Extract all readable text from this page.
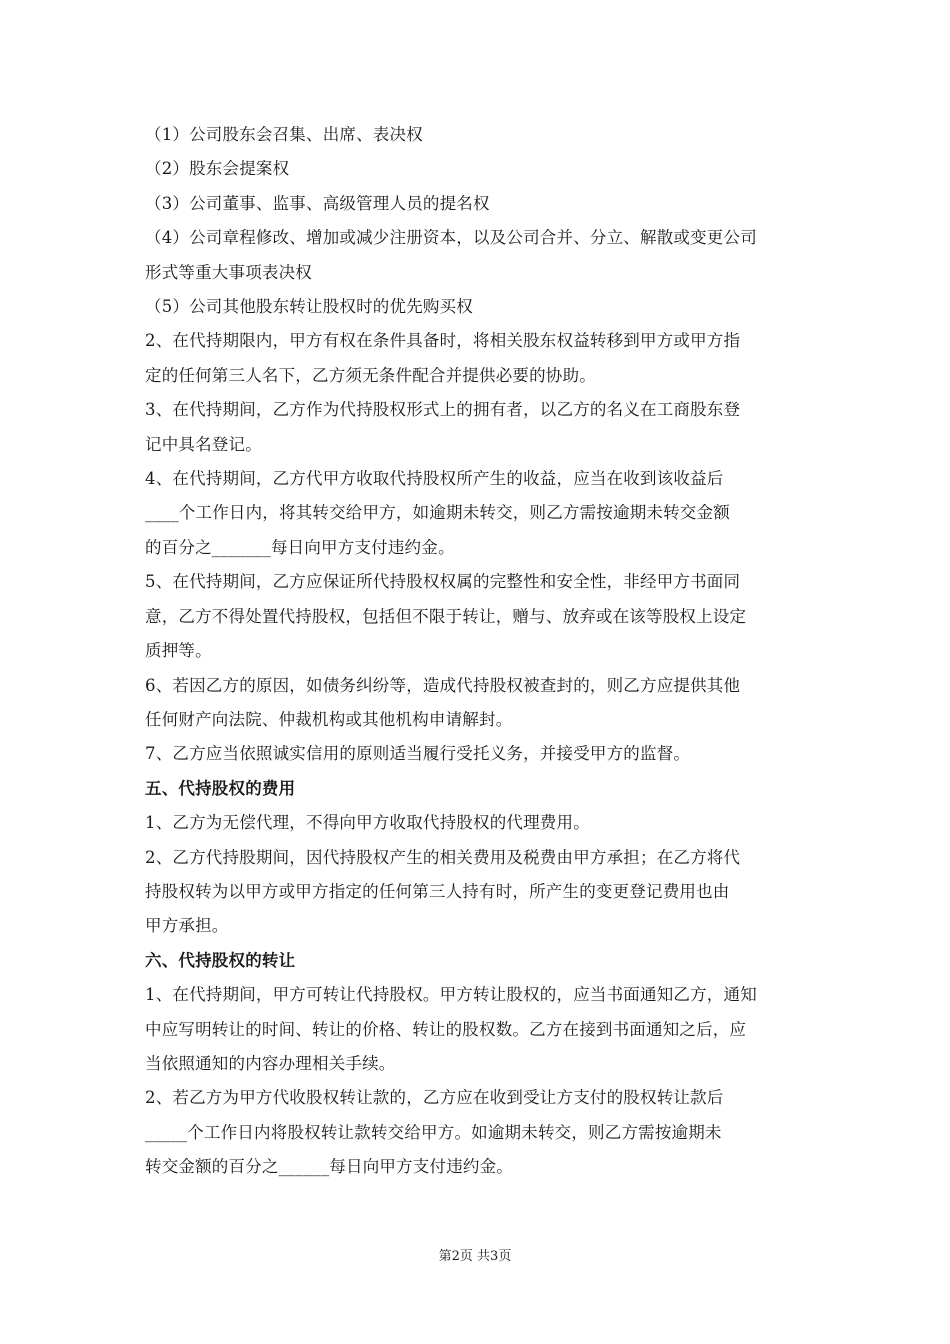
（1）公司股东会召集、出席、表决权
（2）股东会提案权
（3）公司董事、监事、高级管理人员的提名权
（4）公司章程修改、增加或减少注册资本，以及公司合并、分立、解散或变更公司
形式等重大事项表决权
（5）公司其他股东转让股权时的优先购买权
2、在代持期限内，甲方有权在条件具备时，将相关股东权益转移到甲方或甲方指
定的任何第三人名下，乙方须无条件配合并提供必要的协助。
3、在代持期间，乙方作为代持股权形式上的拥有者，以乙方的名义在工商股东登
记中具名登记。
4、在代持期间，乙方代甲方收取代持股权所产生的收益，应当在收到该收益后
____个工作日内，将其转交给甲方，如逾期未转交，则乙方需按逾期未转交金额
的百分之_______每日向甲方支付违约金。
5、在代持期间，乙方应保证所代持股权权属的完整性和安全性，非经甲方书面同
意，乙方不得处置代持股权，包括但不限于转让，赠与、放弃或在该等股权上设定
质押等。
6、若因乙方的原因，如债务纠纷等，造成代持股权被查封的，则乙方应提供其他
任何财产向法院、仲裁机构或其他机构申请解封。
7、乙方应当依照诚实信用的原则适当履行受托义务，并接受甲方的监督。
五、代持股权的费用
1、乙方为无偿代理，不得向甲方收取代持股权的代理费用。
2、乙方代持股期间，因代持股权产生的相关费用及税费由甲方承担；在乙方将代
持股权转为以甲方或甲方指定的任何第三人持有时，所产生的变更登记费用也由
甲方承担。
六、代持股权的转让
1、在代持期间，甲方可转让代持股权。甲方转让股权的，应当书面通知乙方，通知
中应写明转让的时间、转让的价格、转让的股权数。乙方在接到书面通知之后，应
当依照通知的内容办理相关手续。
2、若乙方为甲方代收股权转让款的，乙方应在收到受让方支付的股权转让款后
_____个工作日内将股权转让款转交给甲方。如逾期未转交，则乙方需按逾期未
转交金额的百分之______每日向甲方支付违约金。
第2页 共3页
